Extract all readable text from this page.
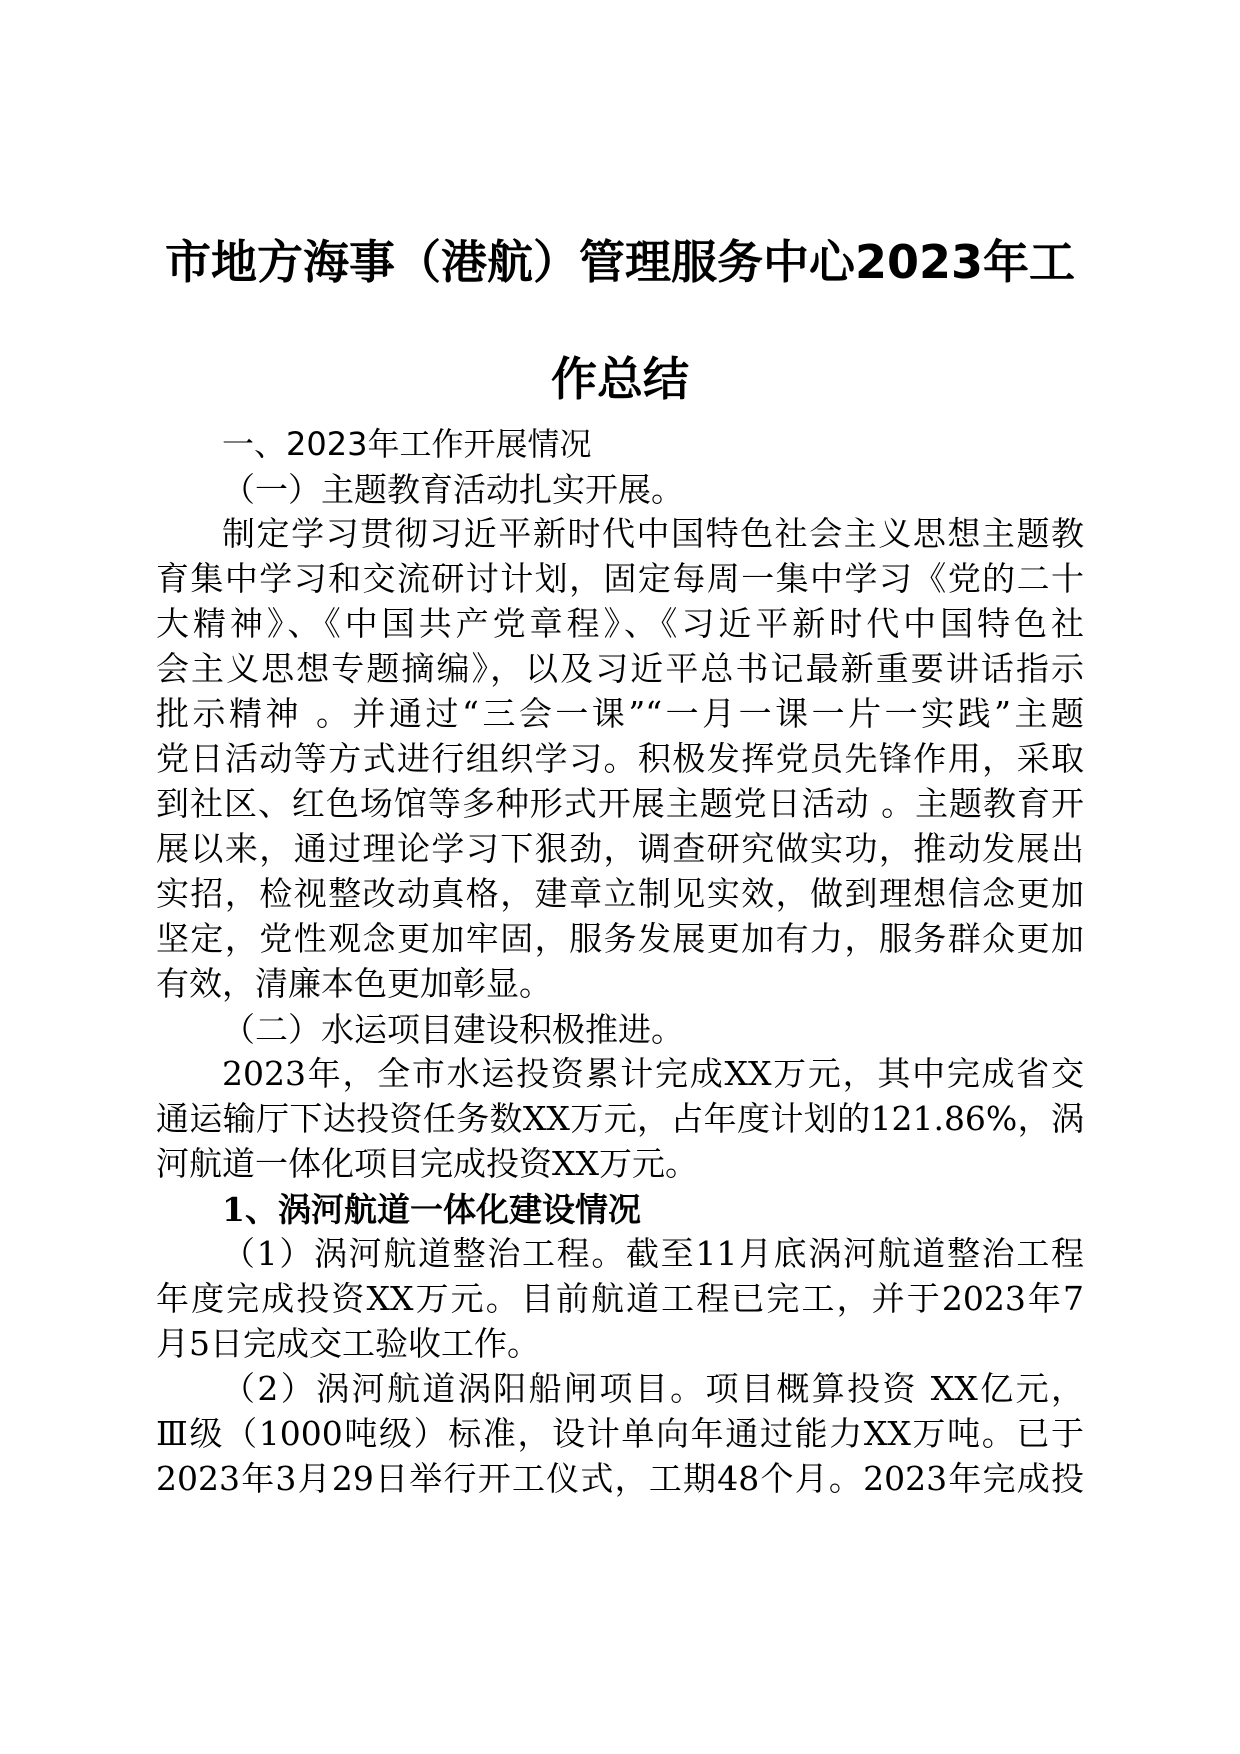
市地方海事（港航）管理服务中心2023年工
作总结
一、2023年工作开展情况
（一）主题教育活动扎实开展。
制定学习贯彻习近平新时代中国特色社会主义思想主题教
育集中学习和交流研讨计划，固定每周一集中学习《党的二十
大精神》、《中国共产党章程》、《习近平新时代中国特色社
会主义思想专题摘编》，以及习近平总书记最新重要讲话指示
批示精神 。并通过“三会一课”“一月一课一片一实践”主题
党日活动等方式进行组织学习。积极发挥党员先锋作用，采取
到社区、红色场馆等多种形式开展主题党日活动 。主题教育开
展以来，通过理论学习下狠劲，调查研究做实功，推动发展出
实招，检视整改动真格，建章立制见实效，做到理想信念更加
坚定，党性观念更加牢固，服务发展更加有力，服务群众更加
有效，清廉本色更加彰显。
（二）水运项目建设积极推进。
2023年，全市水运投资累计完成XX万元，其中完成省交
通运输厅下达投资任务数XX万元，占年度计划的121.86%，涡
河航道一体化项目完成投资XX万元。
1、涡河航道一体化建设情况
（1）涡河航道整治工程。截至11月底涡河航道整治工程
年度完成投资XX万元。目前航道工程已完工，并于2023年7
月5日完成交工验收工作。
（2）涡河航道涡阳船闸项目。项目概算投资 XX亿元，
Ⅲ级（1000吨级）标准，设计单向年通过能力XX万吨。已于
2023年3月29日举行开工仪式，工期48个月。2023年完成投
